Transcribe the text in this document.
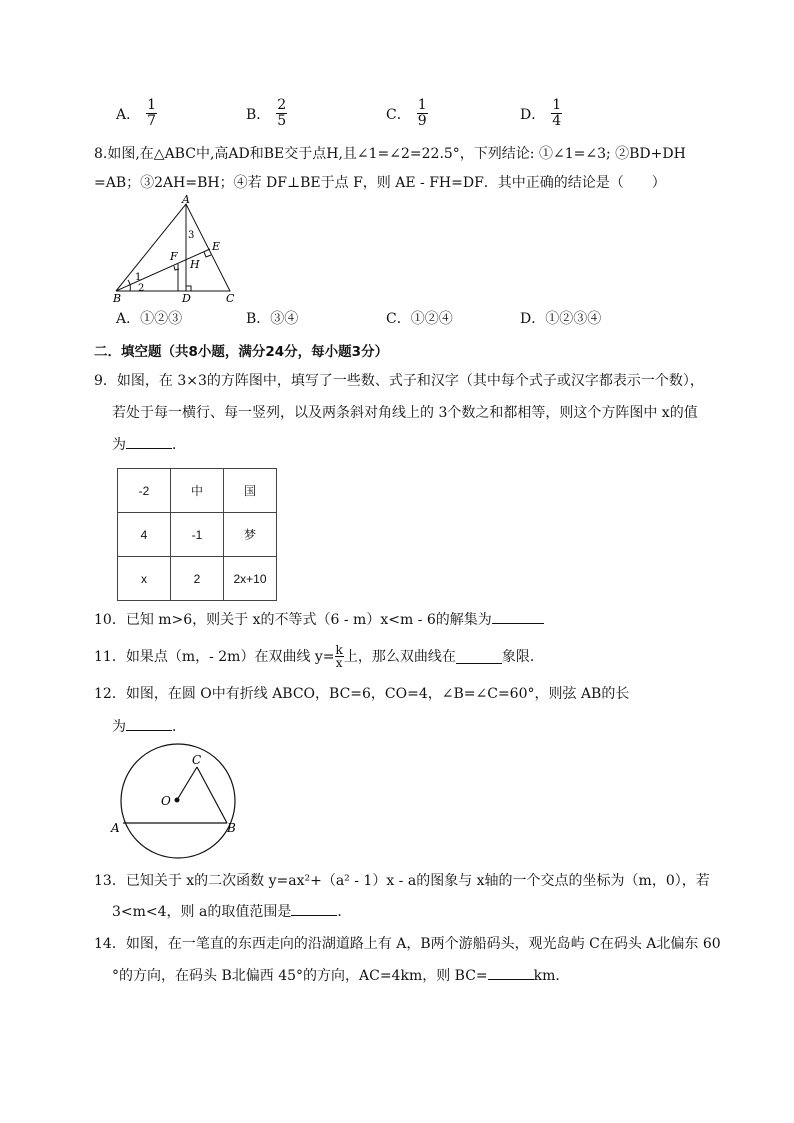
A． $\frac{1}{7}$	B． $\frac{2}{5}$	C． $\frac{1}{9}$	D． $\frac{1}{4}$
8.如图,在△ABC中,高AD和BE交于点H,且∠1=∠2=22.5°，下列结论: ①∠1=∠3; ②BD+DH
=AB；③2AH=BH；④若 DF⊥BE于点 F，则 AE - FH=DF．其中正确的结论是（　　）
A
B	C
D
E
F
H
1
2
3
A．①②③	B．③④	C．①②④	D．①②③④
二．填空题（共8小题，满分24分，每小题3分）
9．如图，在 3×3的方阵图中，填写了一些数、式子和汉字（其中每个式子或汉字都表示一个数），
若处于每一横行、每一竖列，以及两条斜对角线上的 3个数之和都相等，则这个方阵图中 x的值
为	．
-2	中	国
4	-1	梦
x	2	2x+10
10．已知 m>6，则关于 x的不等式（6 - m）x<m - 6的解集为
11．如果点（m，- 2m）在双曲线 $y= \frac{k}{x}$ 上，那么双曲线在	象限．
12．如图，在圆 O中有折线 ABCO，BC=6，CO=4，∠B=∠C=60°，则弦 AB的长
为	．
A	B
C
O
13．已知关于 x的二次函数 y=ax²+（a² - 1）x - a的图象与 x轴的一个交点的坐标为（m，0），若
3<m<4，则 a的取值范围是	．
14．如图，在一笔直的东西走向的沿湖道路上有 A，B两个游船码头，观光岛屿 C在码头 A北偏东 60
°的方向，在码头 B北偏西 45°的方向，AC=4km，则 BC=	km．
